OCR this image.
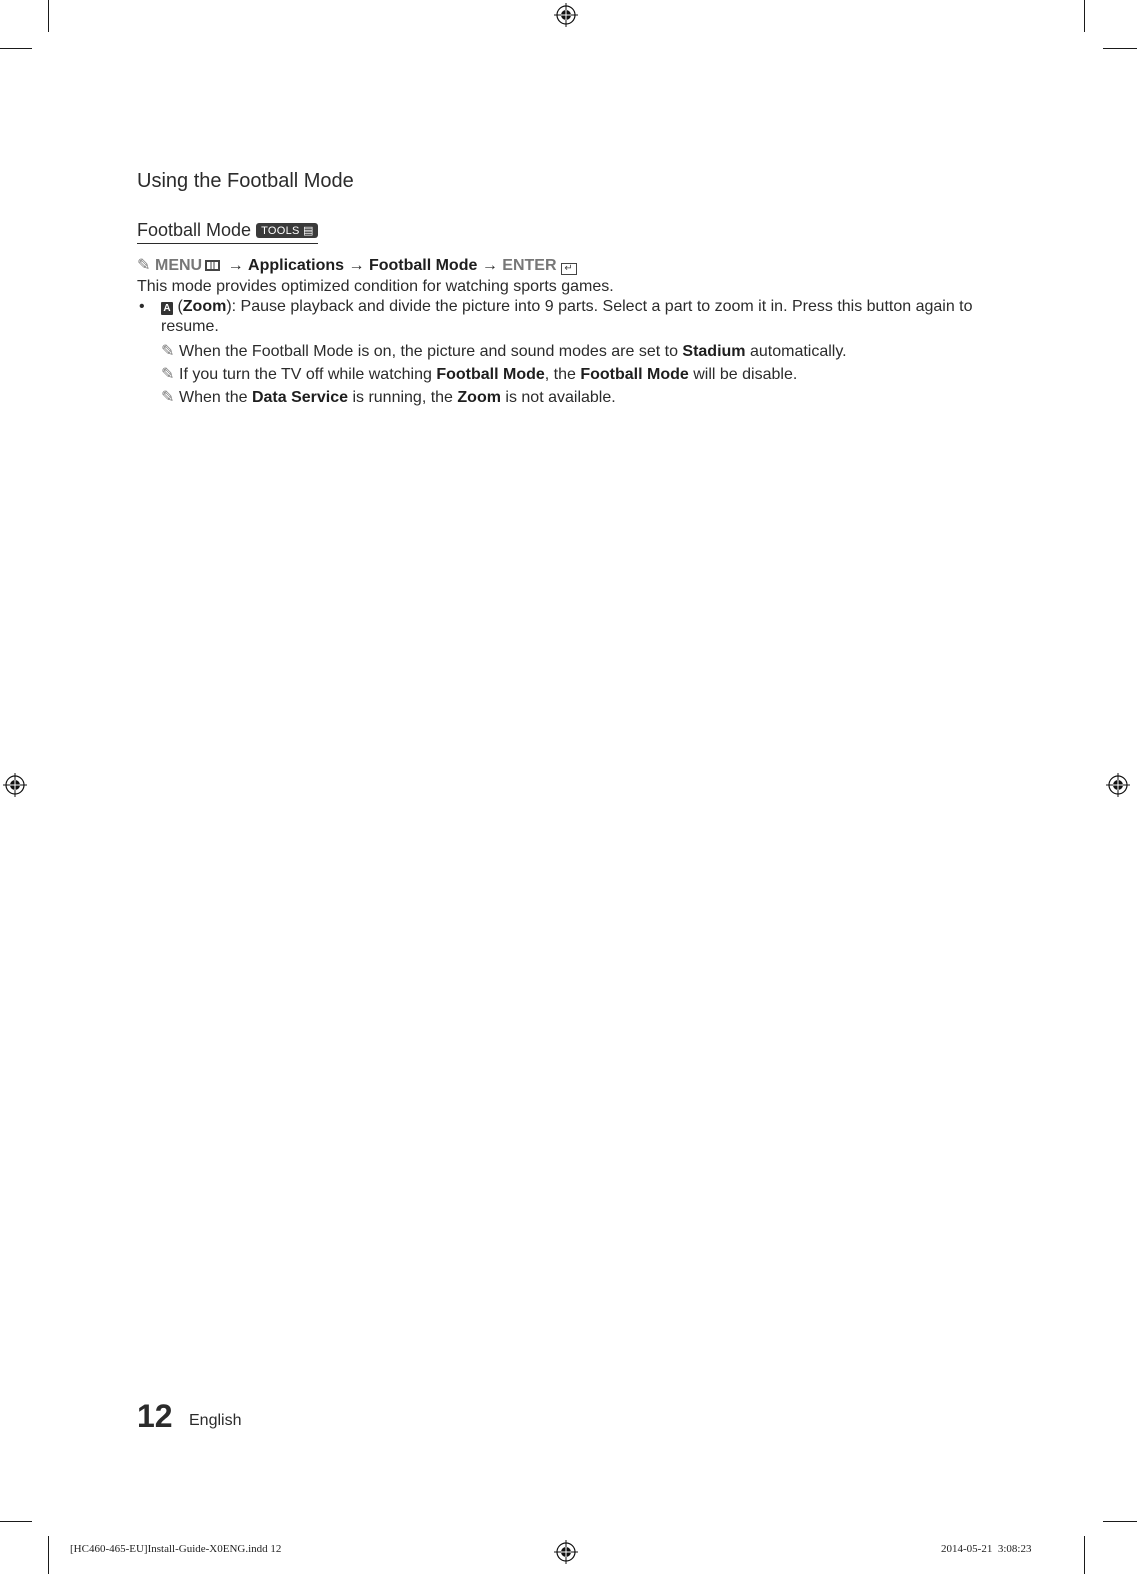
Using the Football Mode
Football Mode TOOLS ▤
✎ MENU → Applications → Football Mode → ENTER ↵
This mode provides optimized condition for watching sports games.
• A (Zoom): Pause playback and divide the picture into 9 parts. Select a part to zoom it in. Press this button again to
resume.
✎ When the Football Mode is on, the picture and sound modes are set to Stadium automatically.
✎ If you turn the TV off while watching Football Mode, the Football Mode will be disable.
✎ When the Data Service is running, the Zoom is not available.
12 English
[HC460-465-EU]Install-Guide-X0ENG.indd 12	2014-05-21  3:08:23
